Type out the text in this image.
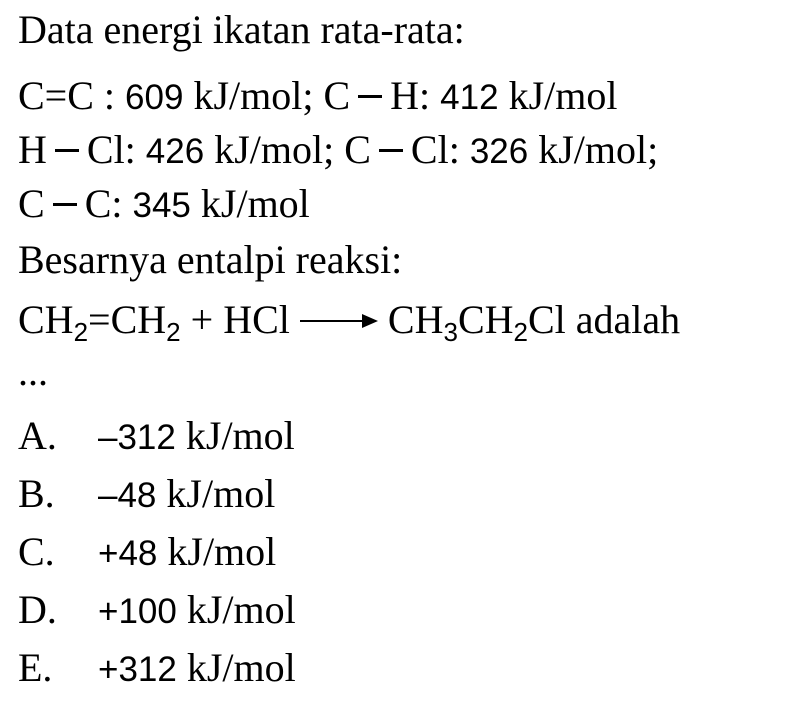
Data energi ikatan rata-rata:
C=C : 609 kJ/mol; C H: 412 kJ/mol
H Cl: 426 kJ/mol; C Cl: 326 kJ/mol;
C C: 345 kJ/mol
Besarnya entalpi reaksi:
$CH_2=CH_2$ + HCl $CH_3CH_2Cl$ adalah
...
A. –312 kJ/mol
B. –48 kJ/mol
C. +48 kJ/mol
D. +100 kJ/mol
E. +312 kJ/mol
